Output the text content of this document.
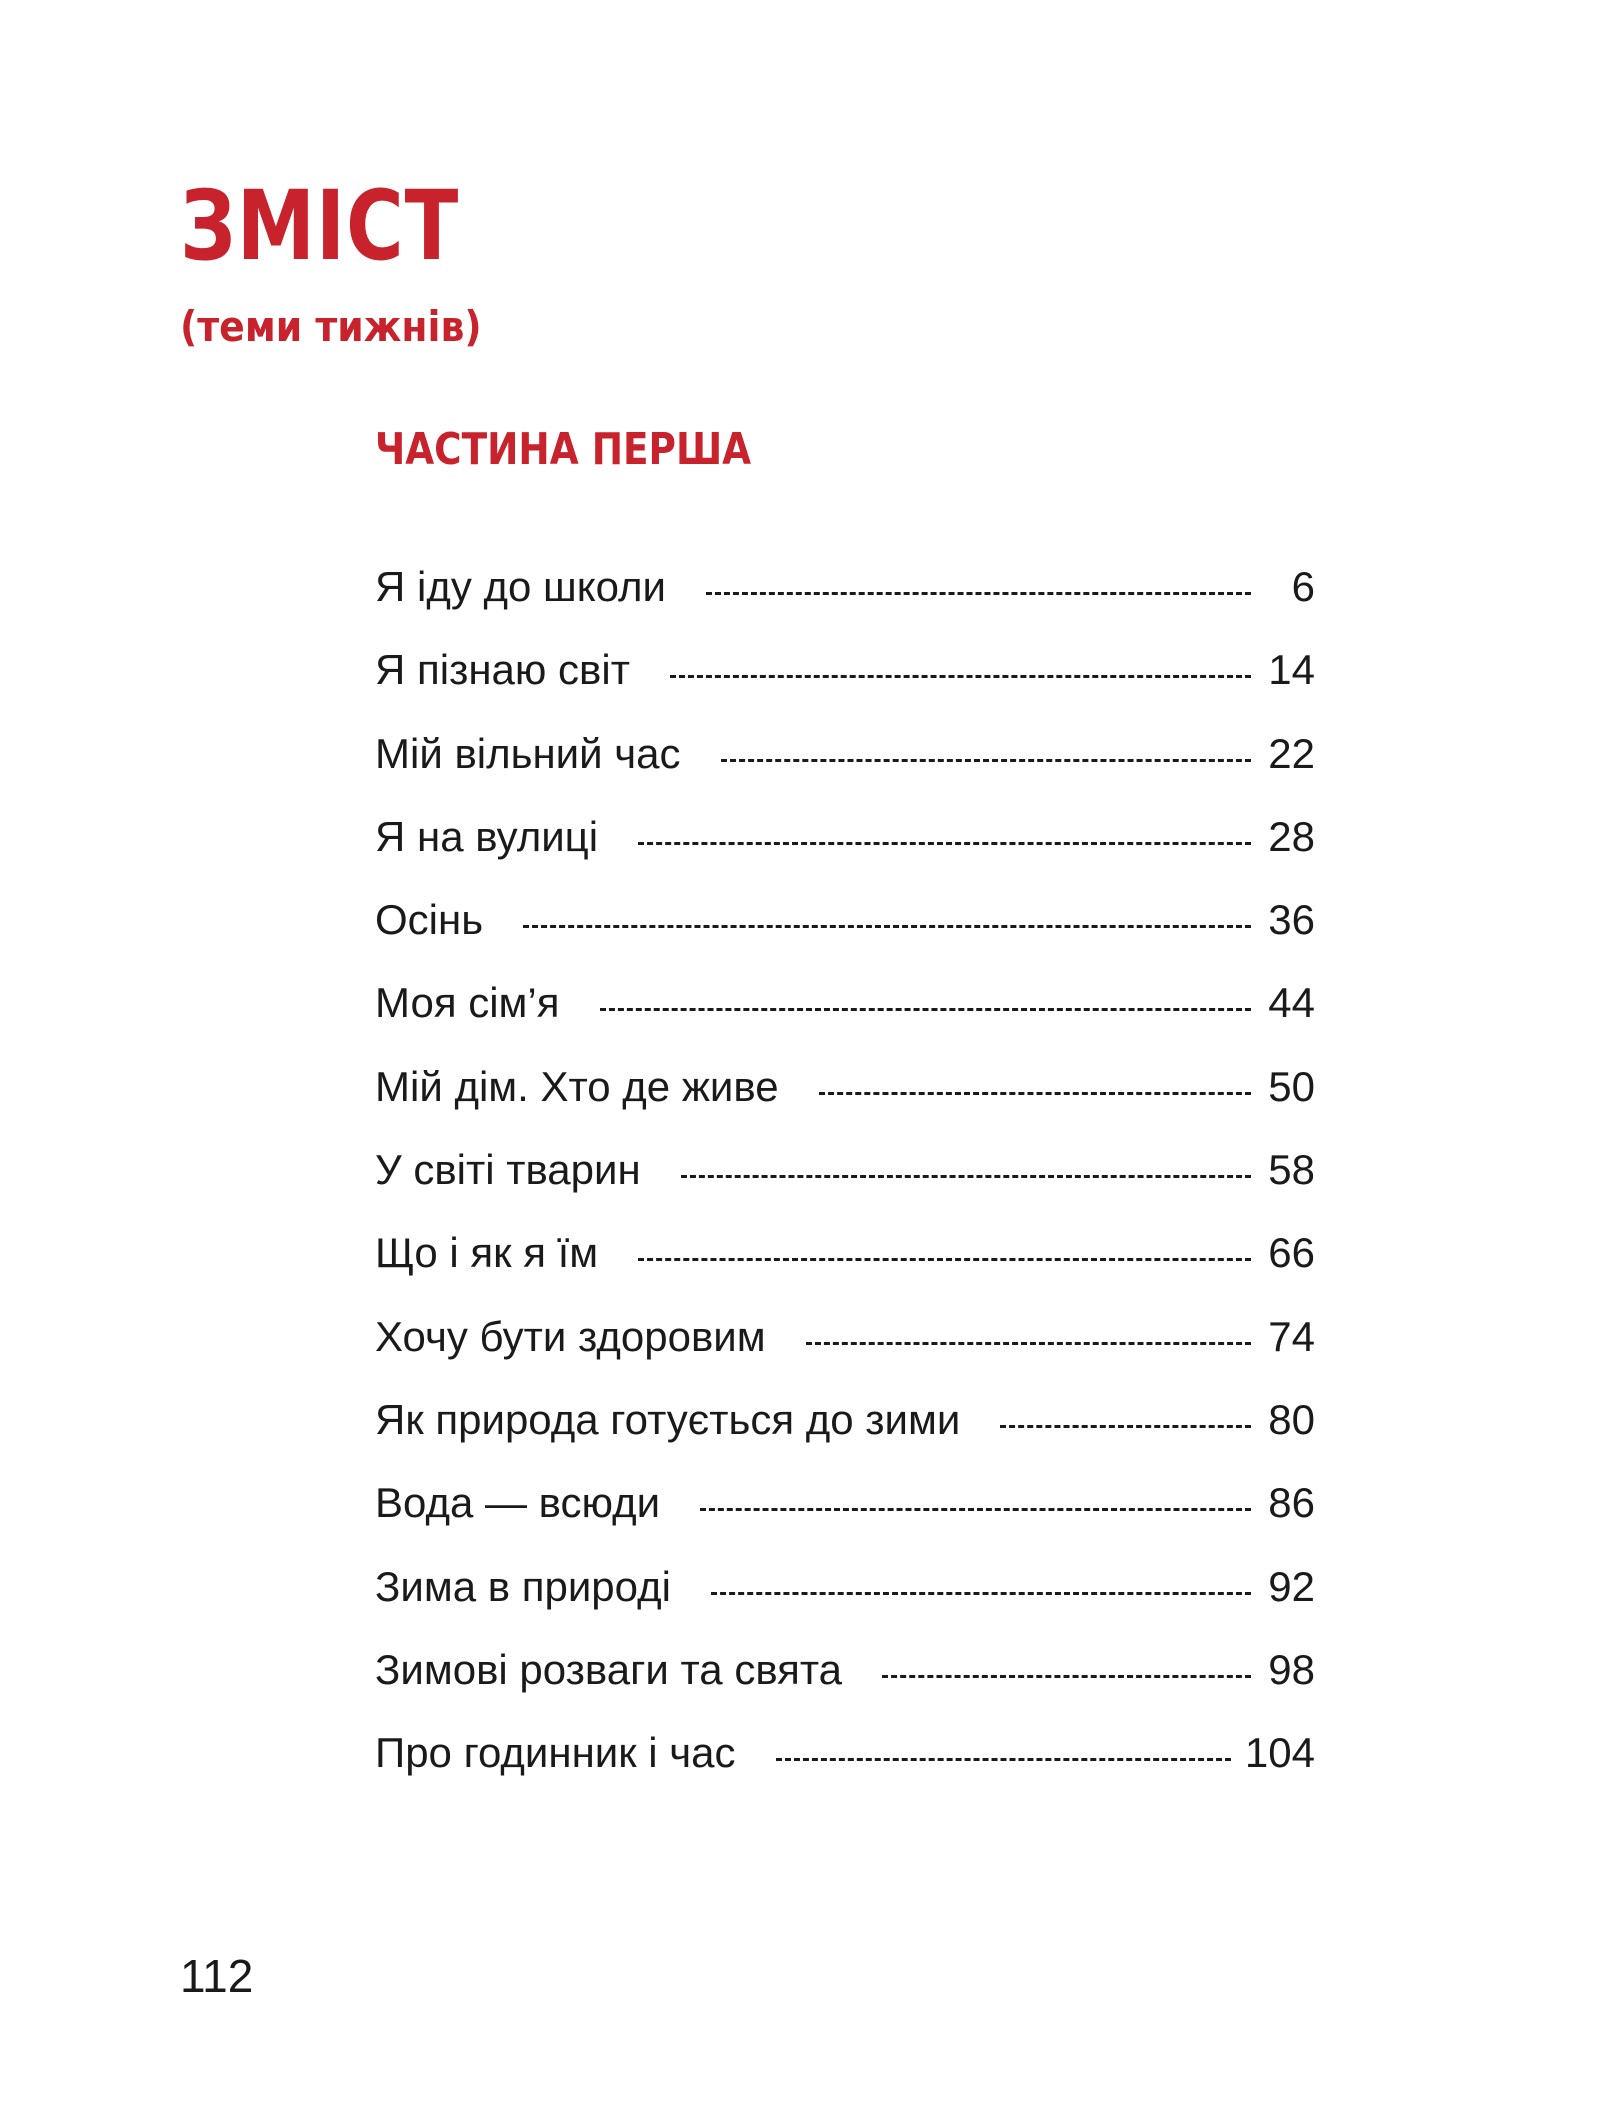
ЗМІСТ
(теми тижнів)
ЧАСТИНА ПЕРША
Я іду до школи	6
Я пізнаю світ	14
Мій вільний час	22
Я на вулиці	28
Осінь	36
Моя сім’я	44
Мій дім. Хто де живе	50
У світі тварин	58
Що і як я їм	66
Хочу бути здоровим	74
Як природа готується до зими	80
Вода — всюди	86
Зима в природі	92
Зимові розваги та свята	98
Про годинник і час	104
112
